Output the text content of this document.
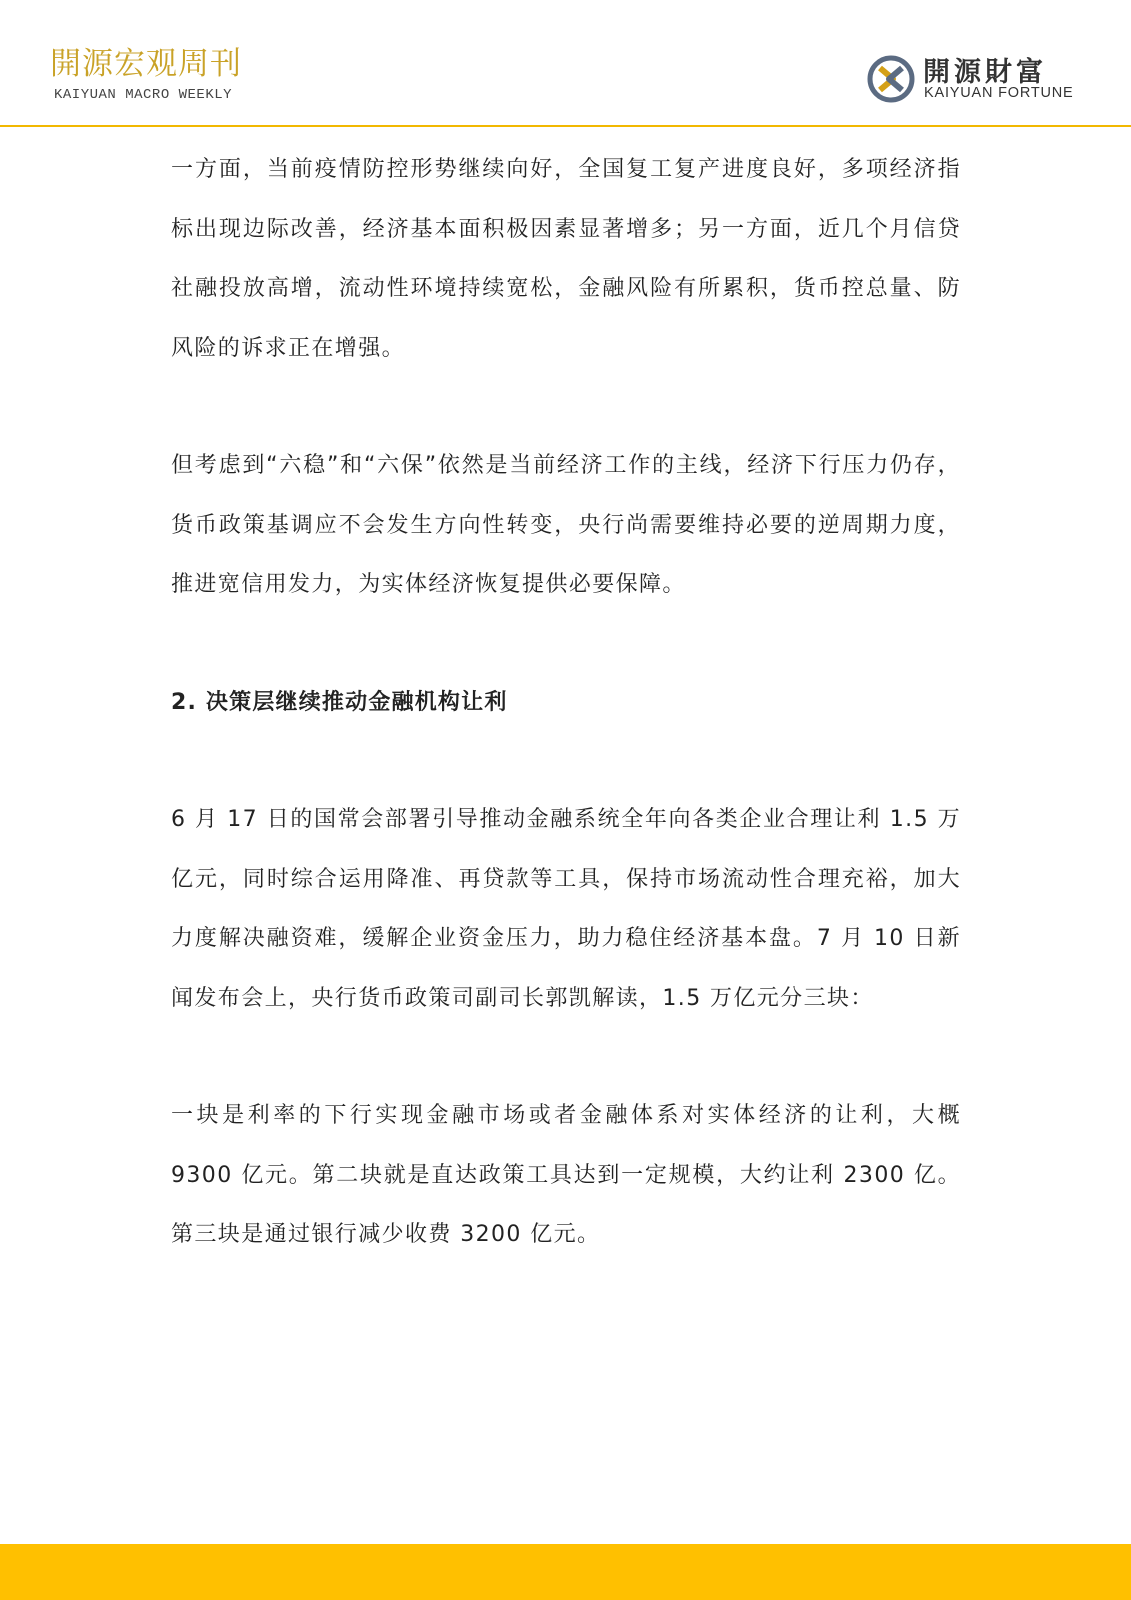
開源宏观周刊
KAIYUAN MACRO WEEKLY
開源財富
KAIYUAN FORTUNE

一方面，当前疫情防控形势继续向好，全国复工复产进度良好，多项经济指标出现边际改善，经济基本面积极因素显著增多；另一方面，近几个月信贷社融投放高增，流动性环境持续宽松，金融风险有所累积，货币控总量、防风险的诉求正在增强。

但考虑到“六稳”和“六保”依然是当前经济工作的主线，经济下行压力仍存，货币政策基调应不会发生方向性转变，央行尚需要维持必要的逆周期力度，推进宽信用发力，为实体经济恢复提供必要保障。

2. 决策层继续推动金融机构让利

6 月 17 日的国常会部署引导推动金融系统全年向各类企业合理让利 1.5 万亿元，同时综合运用降准、再贷款等工具，保持市场流动性合理充裕，加大力度解决融资难，缓解企业资金压力，助力稳住经济基本盘。7 月 10 日新闻发布会上，央行货币政策司副司长郭凯解读，1.5 万亿元分三块：

一块是利率的下行实现金融市场或者金融体系对实体经济的让利，大概 9300 亿元。第二块就是直达政策工具达到一定规模，大约让利 2300 亿。第三块是通过银行减少收费 3200 亿元。
